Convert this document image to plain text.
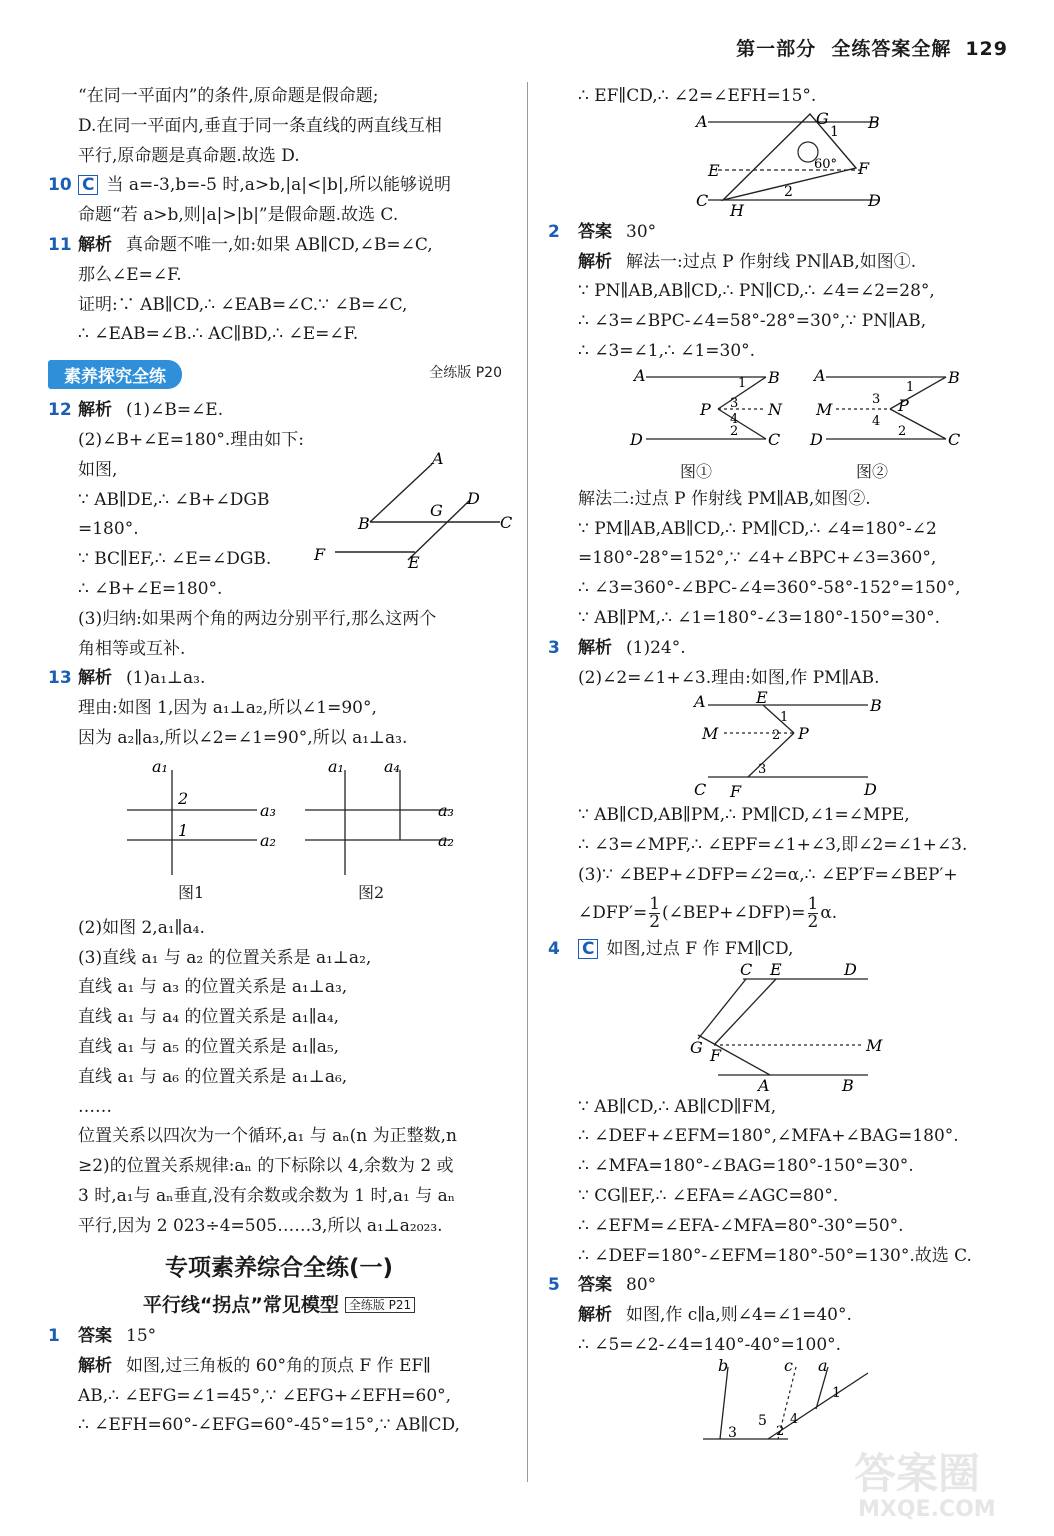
第一部分 全练答案全解 129
“在同一平面内”的条件,原命题是假命题;
D.在同一平面内,垂直于同一条直线的两直线互相
平行,原命题是真命题.故选 D.
10 C 当 a=-3,b=-5 时,a>b,|a|<|b|,所以能够说明
命题“若 a>b,则|a|>|b|”是假命题.故选 C.
11 解析 真命题不唯一,如:如果 AB∥CD,∠B=∠C,
那么∠E=∠F.
证明:∵ AB∥CD,∴ ∠EAB=∠C.∵ ∠B=∠C,
∴ ∠EAB=∠B.∴ AC∥BD,∴ ∠E=∠F.
素养探究全练	全练版 P20
12 解析 (1)∠B=∠E.
(2)∠B+∠E=180°.理由如下:
如图,
∵ AB∥DE,∴ ∠B+∠DGB
=180°.
∵ BC∥EF,∴ ∠E=∠DGB.
∴ ∠B+∠E=180°.
A
B	C
D
E
F
G
(3)归纳:如果两个角的两边分别平行,那么这两个
角相等或互补.
13 解析 (1)a₁⊥a₃.
理由:如图 1,因为 a₁⊥a₂,所以∠1=90°,
因为 a₂∥a₃,所以∠2=∠1=90°,所以 a₁⊥a₃.
a₁
a₃
a₂
2
1
a₁	a₄
a₃
a₂
图1	图2
(2)如图 2,a₁∥a₄.
(3)直线 a₁ 与 a₂ 的位置关系是 a₁⊥a₂,
直线 a₁ 与 a₃ 的位置关系是 a₁⊥a₃,
直线 a₁ 与 a₄ 的位置关系是 a₁∥a₄,
直线 a₁ 与 a₅ 的位置关系是 a₁∥a₅,
直线 a₁ 与 a₆ 的位置关系是 a₁⊥a₆,
……
位置关系以四次为一个循环,a₁ 与 aₙ(n 为正整数,n
≥2)的位置关系规律:aₙ 的下标除以 4,余数为 2 或
3 时,a₁与 aₙ垂直,没有余数或余数为 1 时,a₁ 与 aₙ
平行,因为 2 023÷4=505……3,所以 a₁⊥a₂₀₂₃.
专项素养综合全练(一)
平行线“拐点”常见模型 全练版 P21
1 答案 15°
解析 如图,过三角板的 60°角的顶点 F 作 EF∥
AB,∴ ∠EFG=∠1=45°,∵ ∠EFG+∠EFH=60°,
∴ ∠EFH=60°-∠EFG=60°-45°=15°,∵ AB∥CD,
∴ EF∥CD,∴ ∠2=∠EFH=15°.
A	B
C	D
E	F
G
H
1
2
60°
2 答案 30°
解析 解法一:过点 P 作射线 PN∥AB,如图①.
∵ PN∥AB,AB∥CD,∴ PN∥CD,∴ ∠4=∠2=28°,
∴ ∠3=∠BPC-∠4=58°-28°=30°,∵ PN∥AB,
∴ ∠3=∠1,∴ ∠1=30°.
A	B
D	C
P	N
1
3
4
2
A	B
D	C
M	P
3
1
4
2
图①	图②
解法二:过点 P 作射线 PM∥AB,如图②.
∵ PM∥AB,AB∥CD,∴ PM∥CD,∴ ∠4=180°-∠2
=180°-28°=152°,∵ ∠4+∠BPC+∠3=360°,
∴ ∠3=360°-∠BPC-∠4=360°-58°-152°=150°,
∵ AB∥PM,∴ ∠1=180°-∠3=180°-150°=30°.
3 解析 (1)24°.
(2)∠2=∠1+∠3.理由:如图,作 PM∥AB.
A	B
E
M	P
C F	D
1
2
3
∵ AB∥CD,AB∥PM,∴ PM∥CD,∠1=∠MPE,
∴ ∠3=∠MPF,∴ ∠EPF=∠1+∠3,即∠2=∠1+∠3.
(3)∵ ∠BEP+∠DFP=∠2=α,∴ ∠EP′F=∠BEP′+
∠DFP′= $\frac{1}{2}$ (∠BEP+∠DFP)= $\frac{1}{2} \alpha$.
4 C 如图,过点 F 作 FM∥CD,
C E	D
G F
M
A	B
∵ AB∥CD,∴ AB∥CD∥FM,
∴ ∠DEF+∠EFM=180°,∠MFA+∠BAG=180°.
∴ ∠MFA=180°-∠BAG=180°-150°=30°.
∵ CG∥EF,∴ ∠EFA=∠AGC=80°.
∴ ∠EFM=∠EFA-∠MFA=80°-30°=50°.
∴ ∠DEF=180°-∠EFM=180°-50°=130°.故选 C.
5 答案 80°
解析 如图,作 c∥a,则∠4=∠1=40°.
∴ ∠5=∠2-∠4=140°-40°=100°.
b	c a
3
5 4
1
2
答案圈
MXQE.COM
